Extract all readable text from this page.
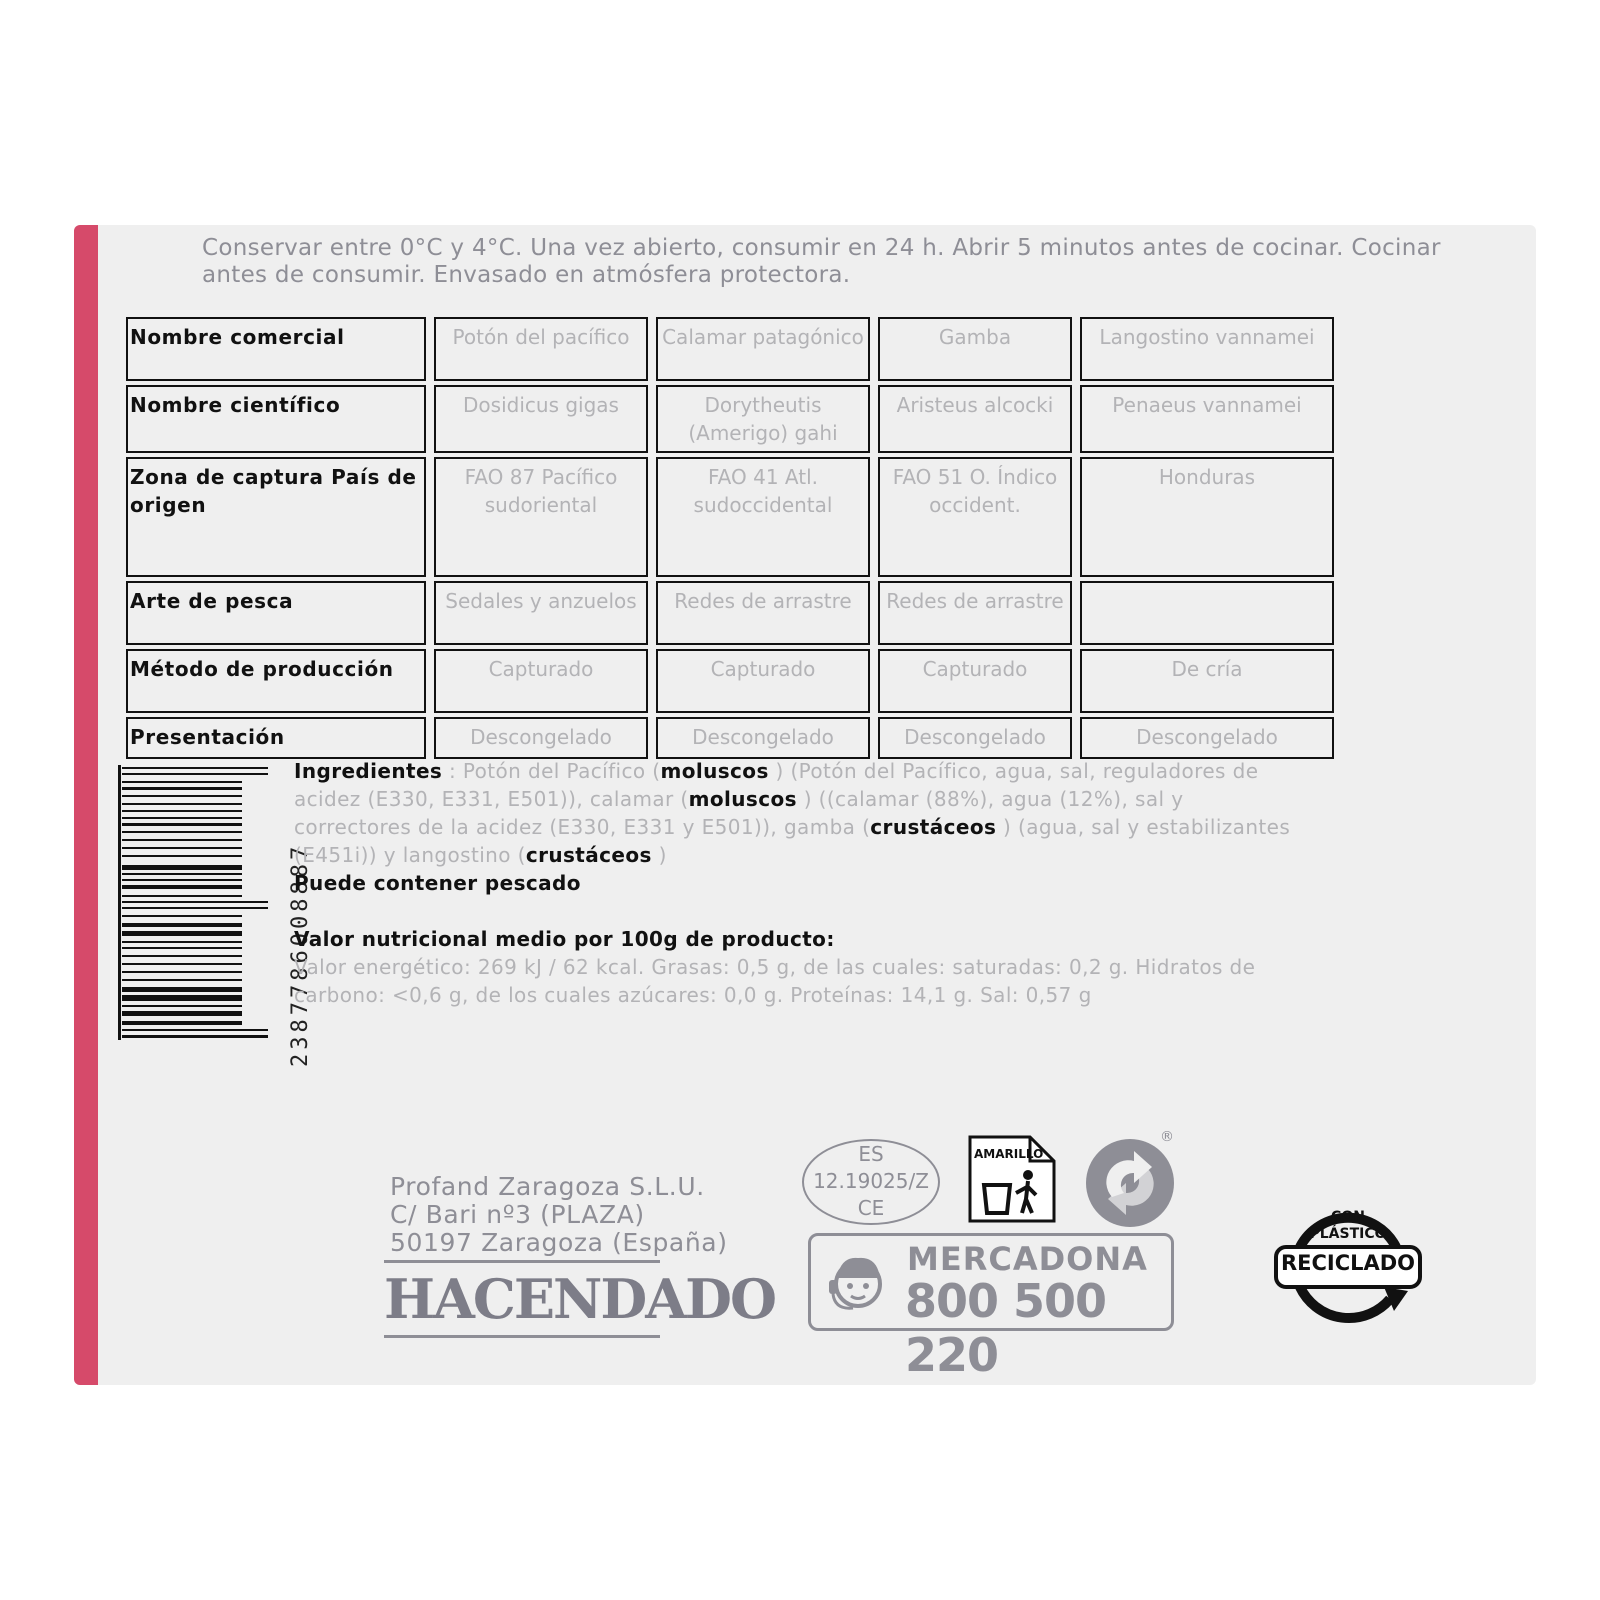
Conservar entre 0°C y 4°C. Una vez abierto, consumir en 24 h. Abrir 5 minutos antes de cocinar. Cocinar antes de consumir. Envasado en atmósfera protectora.
Nombre comercial	Potón del pacífico	Calamar patagónico	Gamba	Langostino vannamei
Nombre científico	Dosidicus gigas	Dorytheutis (Amerigo) gahi	Aristeus alcocki	Penaeus vannamei
Zona de captura País de origen	FAO 87 Pacífico sudoriental	FAO 41 Atl. sudoccidental	FAO 51 O. Índico occident.	Honduras
Arte de pesca	Sedales y anzuelos	Redes de arrastre	Redes de arrastre	
Método de producción	Capturado	Capturado	Capturado	De cría
Presentación	Descongelado	Descongelado	Descongelado	Descongelado
2387786008887
Ingredientes : Potón del Pacífico (moluscos ) (Potón del Pacífico, agua, sal, reguladores de acidez (E330, E331, E501)), calamar (moluscos ) ((calamar (88%), agua (12%), sal y correctores de la acidez (E330, E331 y E501)), gamba (crustáceos ) (agua, sal y estabilizantes (E451i)) y langostino (crustáceos )
Puede contener pescado
Valor nutricional medio por 100g de producto:
Valor energético: 269 kJ / 62 kcal. Grasas: 0,5 g, de las cuales: saturadas: 0,2 g. Hidratos de carbono: <0,6 g, de los cuales azúcares: 0,0 g. Proteínas: 14,1 g. Sal: 0,57 g
Profand Zaragoza S.L.U.
C/ Bari nº3 (PLAZA)
50197 Zaragoza (España)
HACENDADO
ES
12.19025/Z
CE
AMARILLO
®
MERCADONA
800 500 220
CON
PLÁSTICO
RECICLADO
